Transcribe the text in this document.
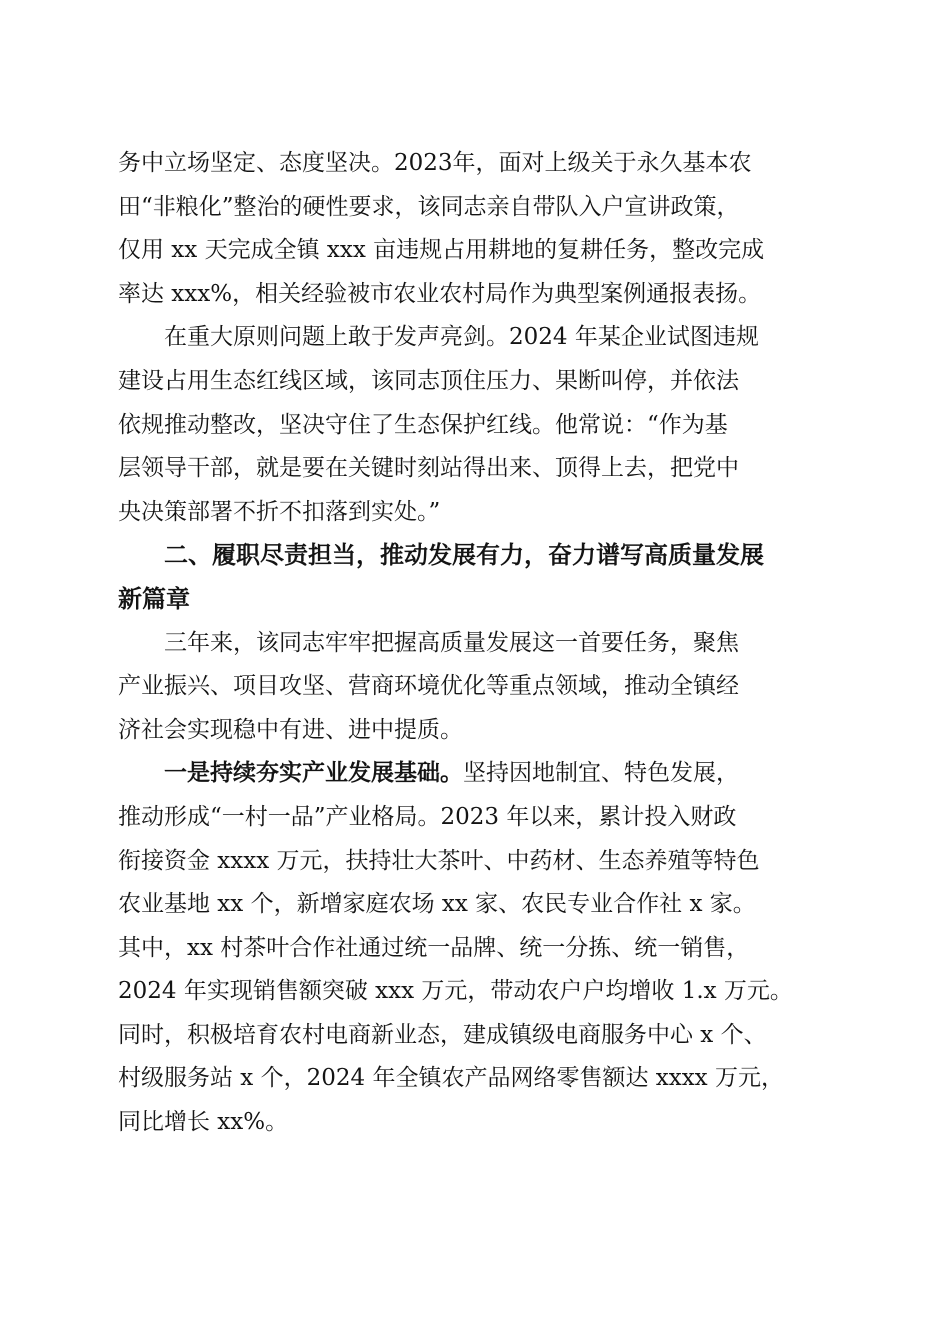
务中立场坚定、态度坚决。2023年，面对上级关于永久基本农
田“非粮化”整治的硬性要求，该同志亲自带队入户宣讲政策，
仅用 xx 天完成全镇 xxx 亩违规占用耕地的复耕任务，整改完成
率达 xxx%，相关经验被市农业农村局作为典型案例通报表扬。
在重大原则问题上敢于发声亮剑。2024 年某企业试图违规
建设占用生态红线区域，该同志顶住压力、果断叫停，并依法
依规推动整改，坚决守住了生态保护红线。他常说：“作为基
层领导干部，就是要在关键时刻站得出来、顶得上去，把党中
央决策部署不折不扣落到实处。”
二、履职尽责担当，推动发展有力，奋力谱写高质量发展
新篇章
三年来，该同志牢牢把握高质量发展这一首要任务，聚焦
产业振兴、项目攻坚、营商环境优化等重点领域，推动全镇经
济社会实现稳中有进、进中提质。
一是持续夯实产业发展基础。坚持因地制宜、特色发展，
推动形成“一村一品”产业格局。2023 年以来，累计投入财政
衔接资金 xxxx 万元，扶持壮大茶叶、中药材、生态养殖等特色
农业基地 xx 个，新增家庭农场 xx 家、农民专业合作社 x 家。
其中，xx 村茶叶合作社通过统一品牌、统一分拣、统一销售，
2024 年实现销售额突破 xxx 万元，带动农户户均增收 1.x 万元。
同时，积极培育农村电商新业态，建成镇级电商服务中心 x 个、
村级服务站 x 个，2024 年全镇农产品网络零售额达 xxxx 万元，
同比增长 xx%。
